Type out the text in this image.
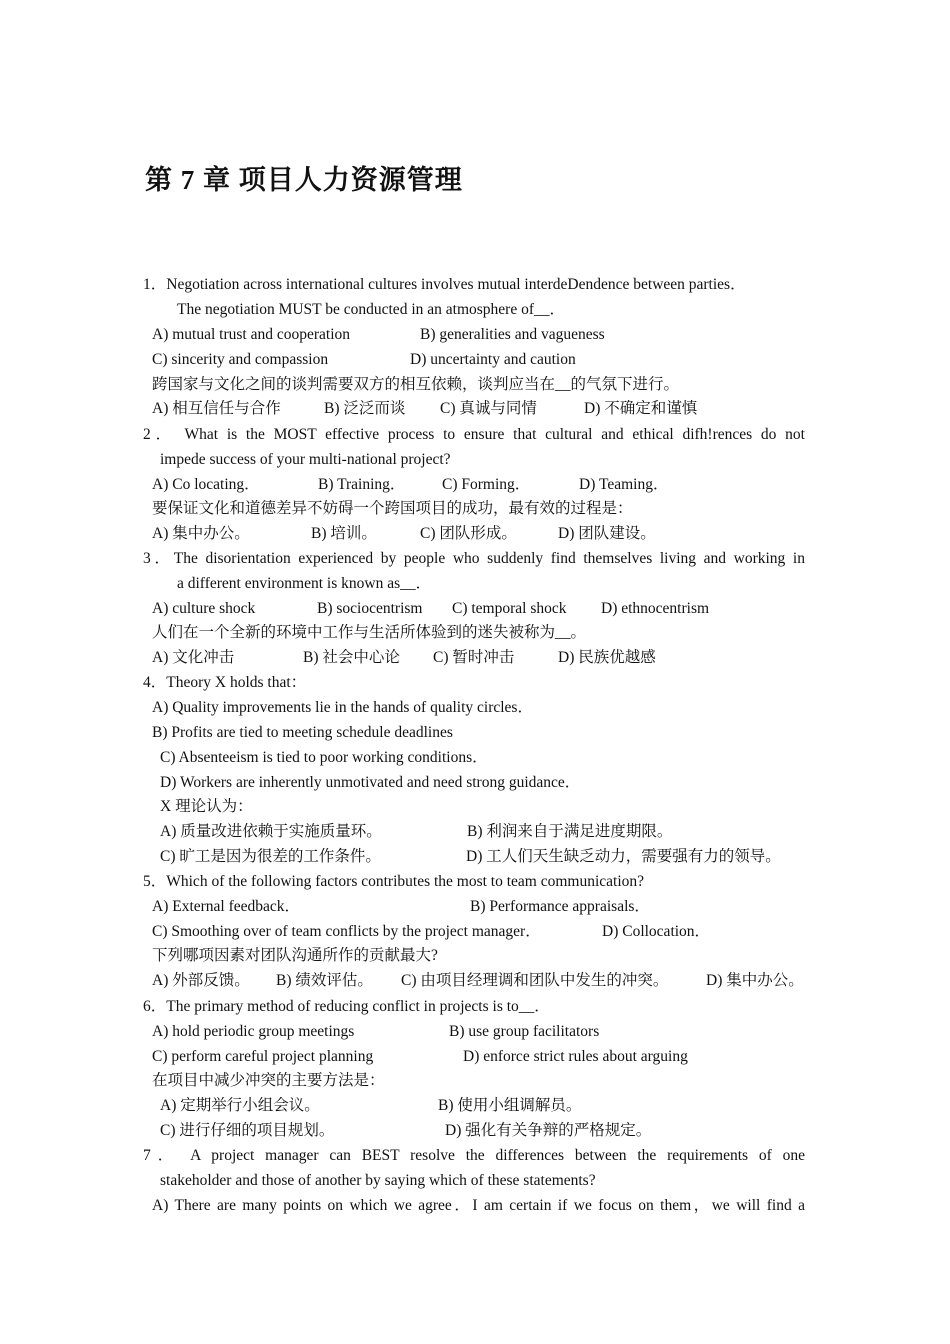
第 7 章 项目人力资源管理
1．Negotiation across international cultures involves mutual interdeDendence between parties．
The negotiation MUST be conducted in an atmosphere of__．
A) mutual trust and cooperation	B) generalities and vagueness
C) sincerity and compassion	D) uncertainty and caution
跨国家与文化之间的谈判需要双方的相互依赖，谈判应当在__的气氛下进行。
A) 相互信任与合作	B) 泛泛而谈 C) 真诚与同情	D) 不确定和谨慎
2． What is the MOST effective process to ensure that cultural and ethical difh!rences do not
impede success of your multi-national project?
A) Co locating．	B) Training． C) Forming．	D) Teaming．
要保证文化和道德差异不妨碍一个跨国项目的成功，最有效的过程是：
A) 集中办公。	B) 培训。	C) 团队形成。	D) 团队建设。
3．The disorientation experienced by people who suddenly find themselves living and working in
a different environment is known as__．
A) culture shock	B) sociocentrism C) temporal shock D) ethnocentrism
人们在一个全新的环境中工作与生活所体验到的迷失被称为__。
A) 文化冲击	B) 社会中心论 C) 暂时冲击	D) 民族优越感
4．Theory X holds that：
A) Quality improvements lie in the hands of quality circles．
B) Profits are tied to meeting schedule deadlines
C) Absenteeism is tied to poor working conditions．
D) Workers are inherently unmotivated and need strong guidance．
X 理论认为：
A) 质量改进依赖于实施质量环。	B) 利润来自于满足进度期限。
C) 旷工是因为很差的工作条件。	D) 工人们天生缺乏动力，需要强有力的领导。
5．Which of the following factors contributes the most to team communication?
A) External feedback．	B) Performance appraisals．
C) Smoothing over of team conflicts by the project manager．	D) Collocation．
下列哪项因素对团队沟通所作的贡献最大?
A) 外部反馈。 B) 绩效评估。 C) 由项目经理调和团队中发生的冲突。 D) 集中办公。
6．The primary method of reducing conflict in projects is to__．
A) hold periodic group meetings	B) use group facilitators
C) perform careful project planning	D) enforce strict rules about arguing
在项目中减少冲突的主要方法是：
A) 定期举行小组会议。	B) 使用小组调解员。
C) 进行仔细的项目规划。	D) 强化有关争辩的严格规定。
7． A project manager can BEST resolve the differences between the requirements of one
stakeholder and those of another by saying which of these statements?
A) There are many points on which we agree．I am certain if we focus on them，we will find a
